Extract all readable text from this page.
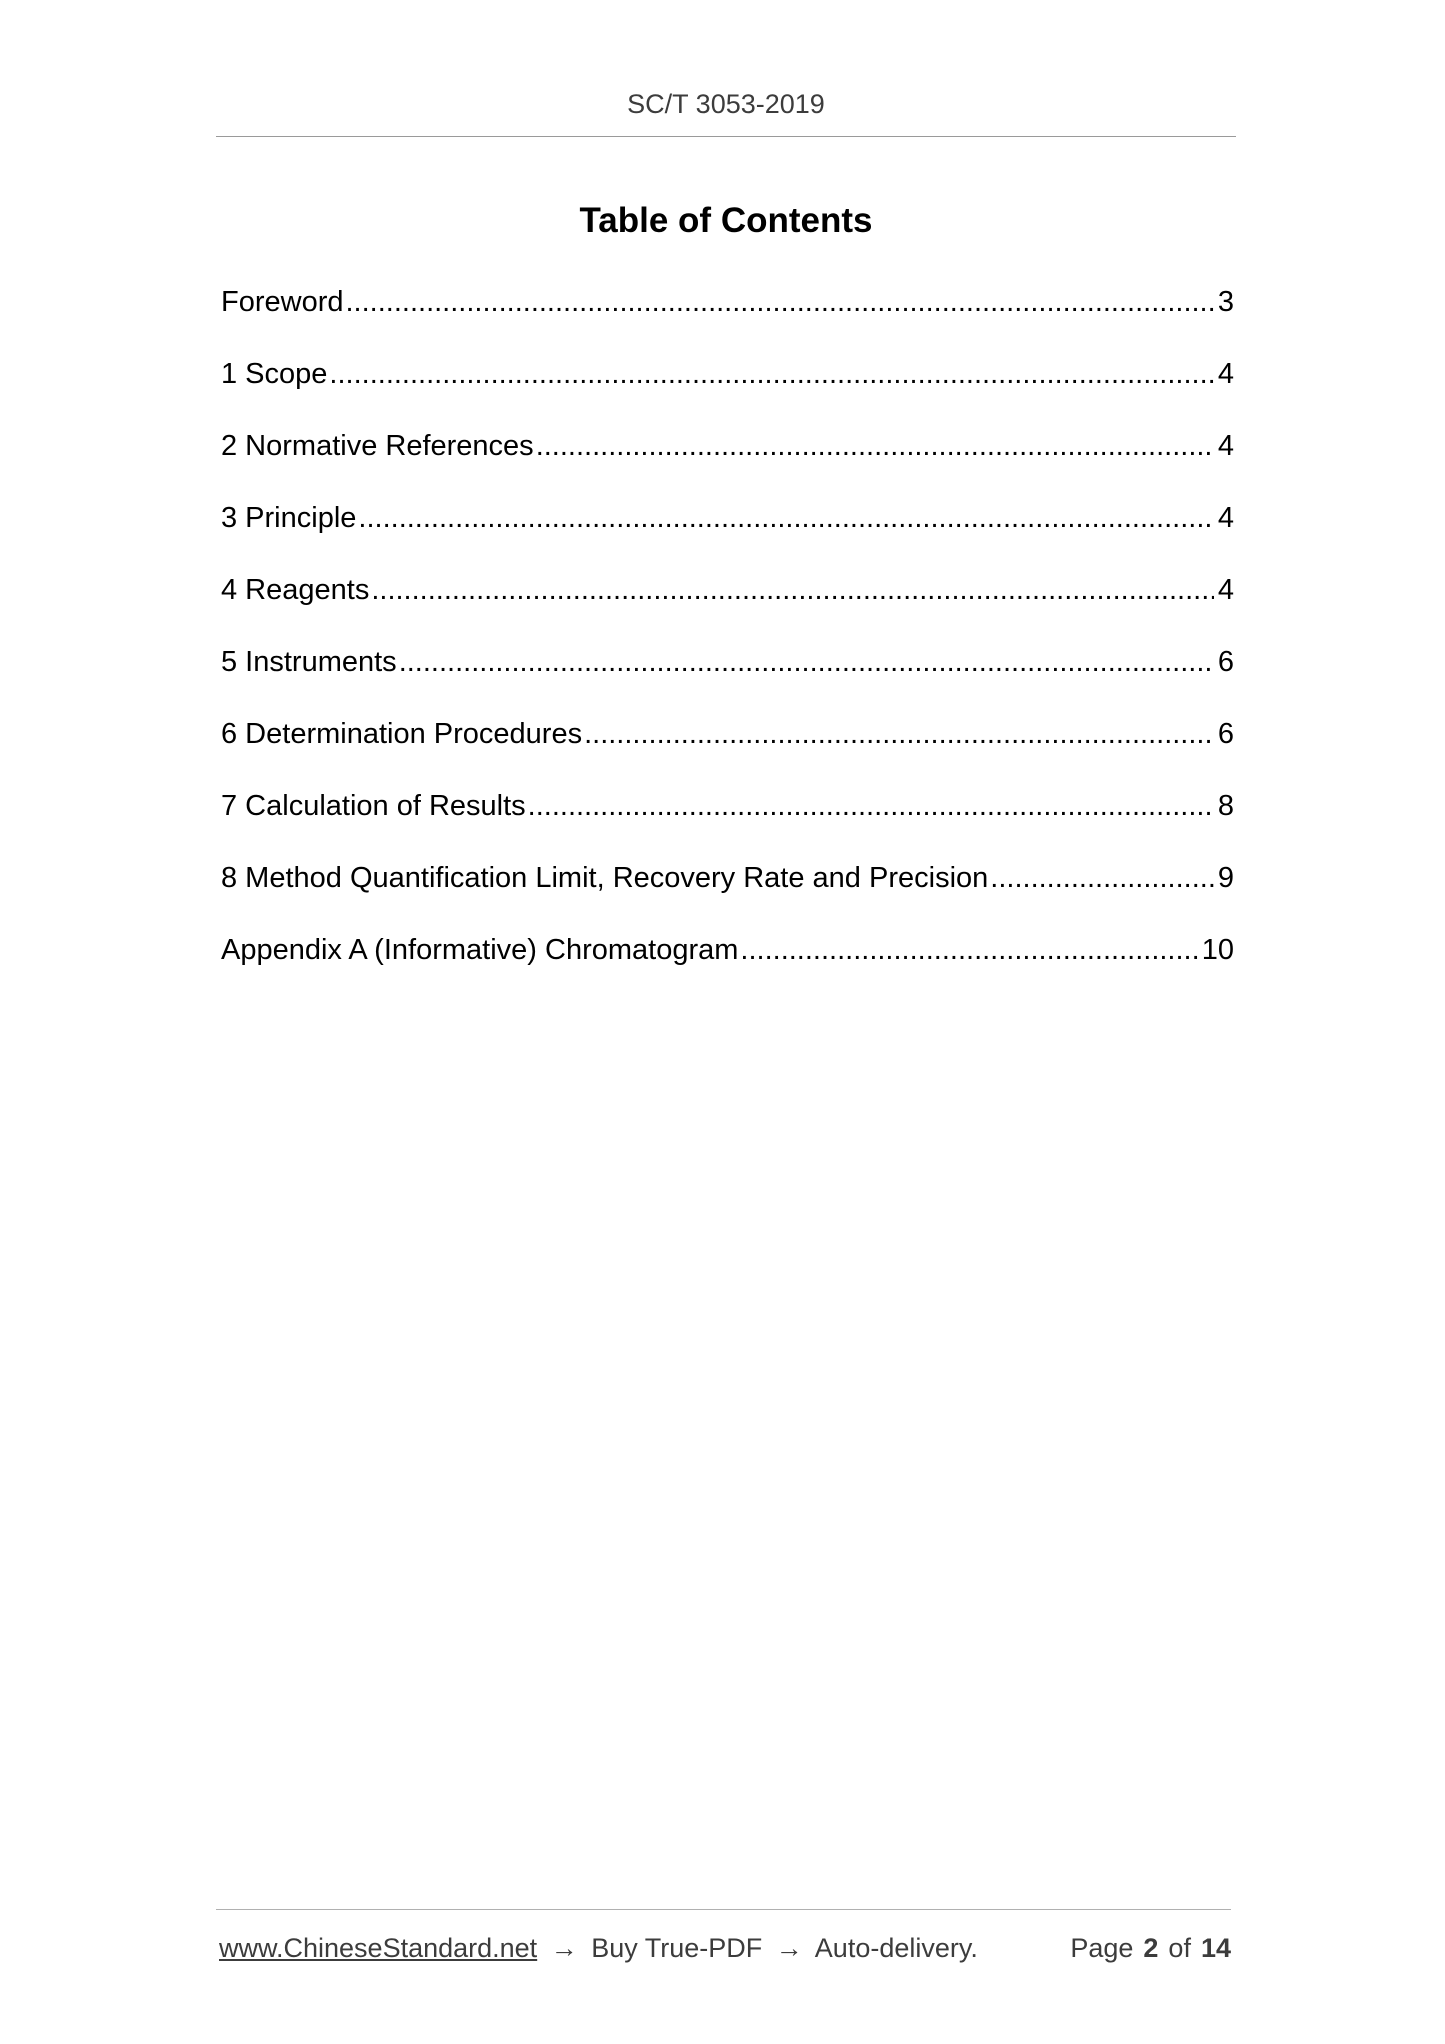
SC/T 3053-2019
Table of Contents
Foreword .....	3
1 Scope .....	4
2 Normative References .....	4
3 Principle .....	4
4 Reagents .....	4
5 Instruments .....	6
6 Determination Procedures .....	6
7 Calculation of Results .....	8
8 Method Quantification Limit, Recovery Rate and Precision .....	9
Appendix A (Informative) Chromatogram .....	10
www.ChineseStandard.net → Buy True-PDF → Auto-delivery.	Page 2 of 14
